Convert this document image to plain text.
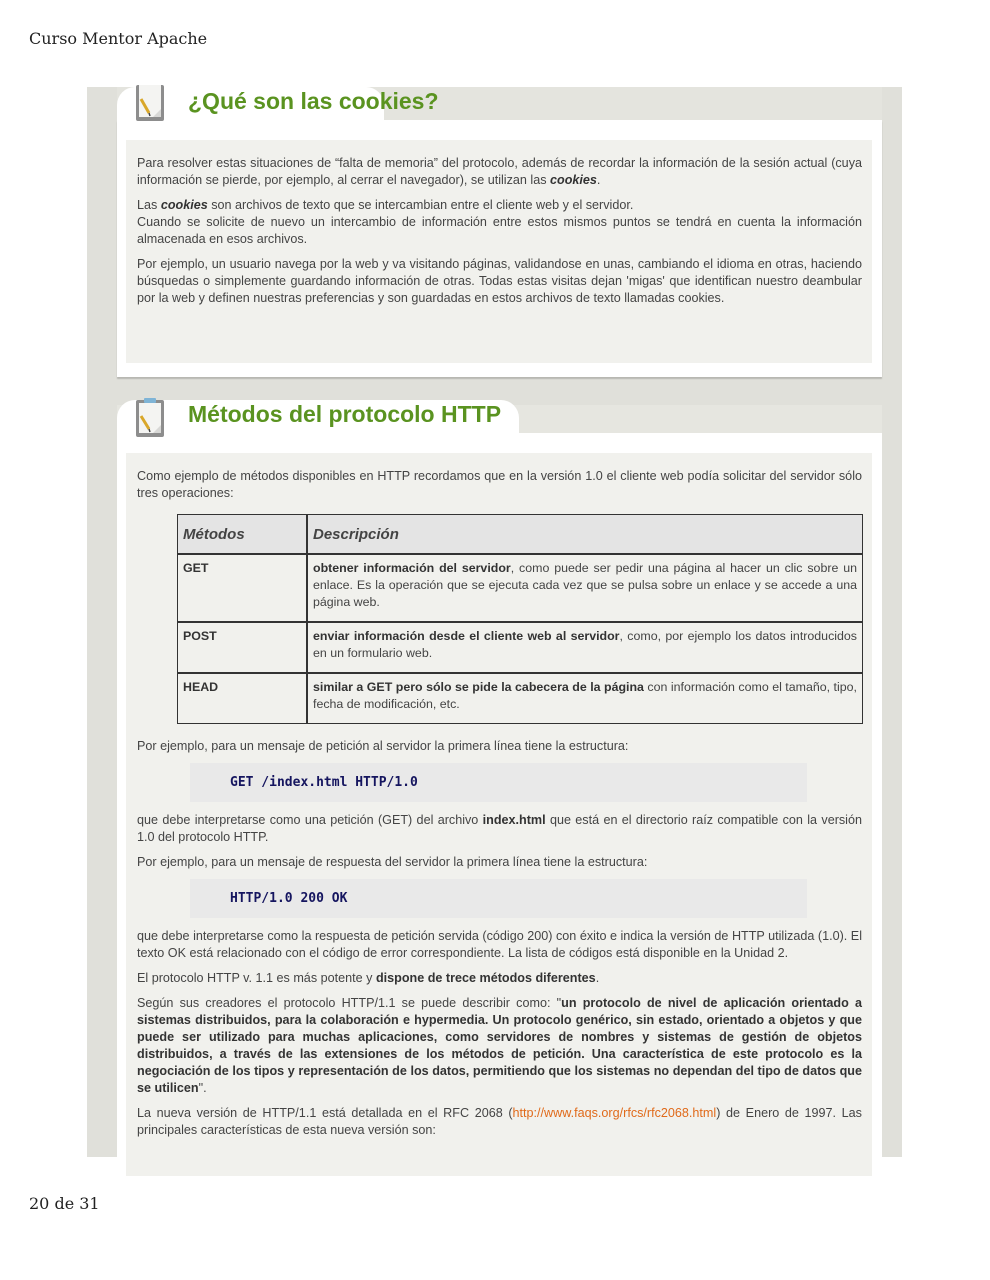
Curso Mentor Apache
¿Qué son las cookies?

Para resolver estas situaciones de “falta de memoria” del protocolo, además de recordar la información de la sesión actual (cuya información se pierde, por ejemplo, al cerrar el navegador), se utilizan las cookies.

Las cookies son archivos de texto que se intercambian entre el cliente web y el servidor.
Cuando se solicite de nuevo un intercambio de información entre estos mismos puntos se tendrá en cuenta la información almacenada en esos archivos.

Por ejemplo, un usuario navega por la web y va visitando páginas, validandose en unas, cambiando el idioma en otras, haciendo búsquedas o simplemente guardando información de otras. Todas estas visitas dejan 'migas' que identifican nuestro deambular por la web y definen nuestras preferencias y son guardadas en estos archivos de texto llamadas cookies.

Métodos del protocolo HTTP

Como ejemplo de métodos disponibles en HTTP recordamos que en la versión 1.0 el cliente web podía solicitar del servidor sólo tres operaciones:

Métodos	Descripción
GET	obtener información del servidor, como puede ser pedir una página al hacer un clic sobre un enlace. Es la operación que se ejecuta cada vez que se pulsa sobre un enlace y se accede a una página web.
POST	enviar información desde el cliente web al servidor, como, por ejemplo los datos introducidos en un formulario web.
HEAD	similar a GET pero sólo se pide la cabecera de la página con información como el tamaño, tipo, fecha de modificación, etc.

Por ejemplo, para un mensaje de petición al servidor la primera línea tiene la estructura:

GET /index.html HTTP/1.0

que debe interpretarse como una petición (GET) del archivo index.html que está en el directorio raíz compatible con la versión 1.0 del protocolo HTTP.

Por ejemplo, para un mensaje de respuesta del servidor la primera línea tiene la estructura:

HTTP/1.0 200 OK

que debe interpretarse como la respuesta de petición servida (código 200) con éxito e indica la versión de HTTP utilizada (1.0). El texto OK está relacionado con el código de error correspondiente. La lista de códigos está disponible en la Unidad 2.

El protocolo HTTP v. 1.1 es más potente y dispone de trece métodos diferentes.

Según sus creadores el protocolo HTTP/1.1 se puede describir como: "un protocolo de nivel de aplicación orientado a sistemas distribuidos, para la colaboración e hypermedia. Un protocolo genérico, sin estado, orientado a objetos y que puede ser utilizado para muchas aplicaciones, como servidores de nombres y sistemas de gestión de objetos distribuidos, a través de las extensiones de los métodos de petición. Una característica de este protocolo es la negociación de los tipos y representación de los datos, permitiendo que los sistemas no dependan del tipo de datos que se utilicen".

La nueva versión de HTTP/1.1 está detallada en el RFC 2068 (http://www.faqs.org/rfcs/rfc2068.html) de Enero de 1997. Las principales características de esta nueva versión son:

20 de 31
